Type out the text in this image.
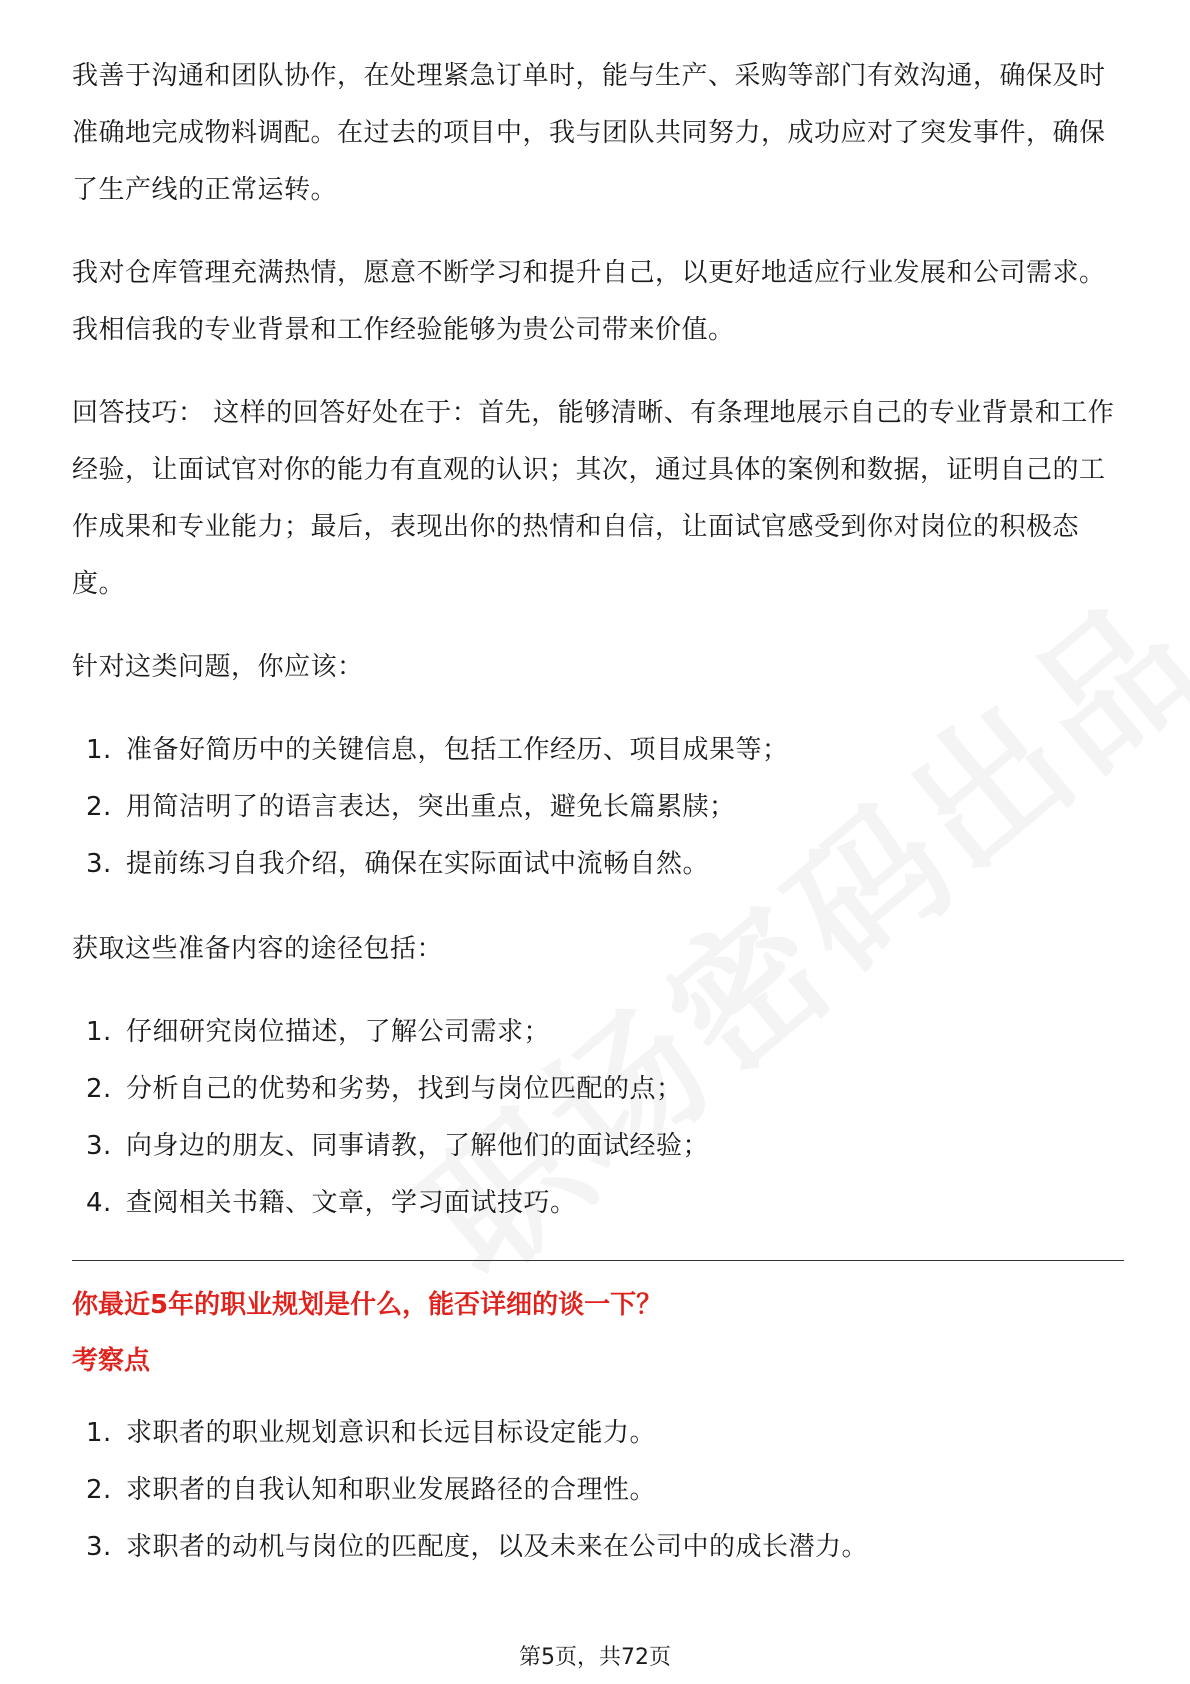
我善于沟通和团队协作，在处理紧急订单时，能与生产、采购等部门有效沟通，确保及时准确地完成物料调配。在过去的项目中，我与团队共同努力，成功应对了突发事件，确保了生产线的正常运转。

我对仓库管理充满热情，愿意不断学习和提升自己，以更好地适应行业发展和公司需求。我相信我的专业背景和工作经验能够为贵公司带来价值。

回答技巧： 这样的回答好处在于：首先，能够清晰、有条理地展示自己的专业背景和工作经验，让面试官对你的能力有直观的认识；其次，通过具体的案例和数据，证明自己的工作成果和专业能力；最后，表现出你的热情和自信，让面试官感受到你对岗位的积极态度。

针对这类问题，你应该：

1. 准备好简历中的关键信息，包括工作经历、项目成果等；
2. 用简洁明了的语言表达，突出重点，避免长篇累牍；
3. 提前练习自我介绍，确保在实际面试中流畅自然。

获取这些准备内容的途径包括：

1. 仔细研究岗位描述，了解公司需求；
2. 分析自己的优势和劣势，找到与岗位匹配的点；
3. 向身边的朋友、同事请教，了解他们的面试经验；
4. 查阅相关书籍、文章，学习面试技巧。
你最近5年的职业规划是什么，能否详细的谈一下？
考察点
1. 求职者的职业规划意识和长远目标设定能力。
2. 求职者的自我认知和职业发展路径的合理性。
3. 求职者的动机与岗位的匹配度，以及未来在公司中的成长潜力。
第5页，共72页
